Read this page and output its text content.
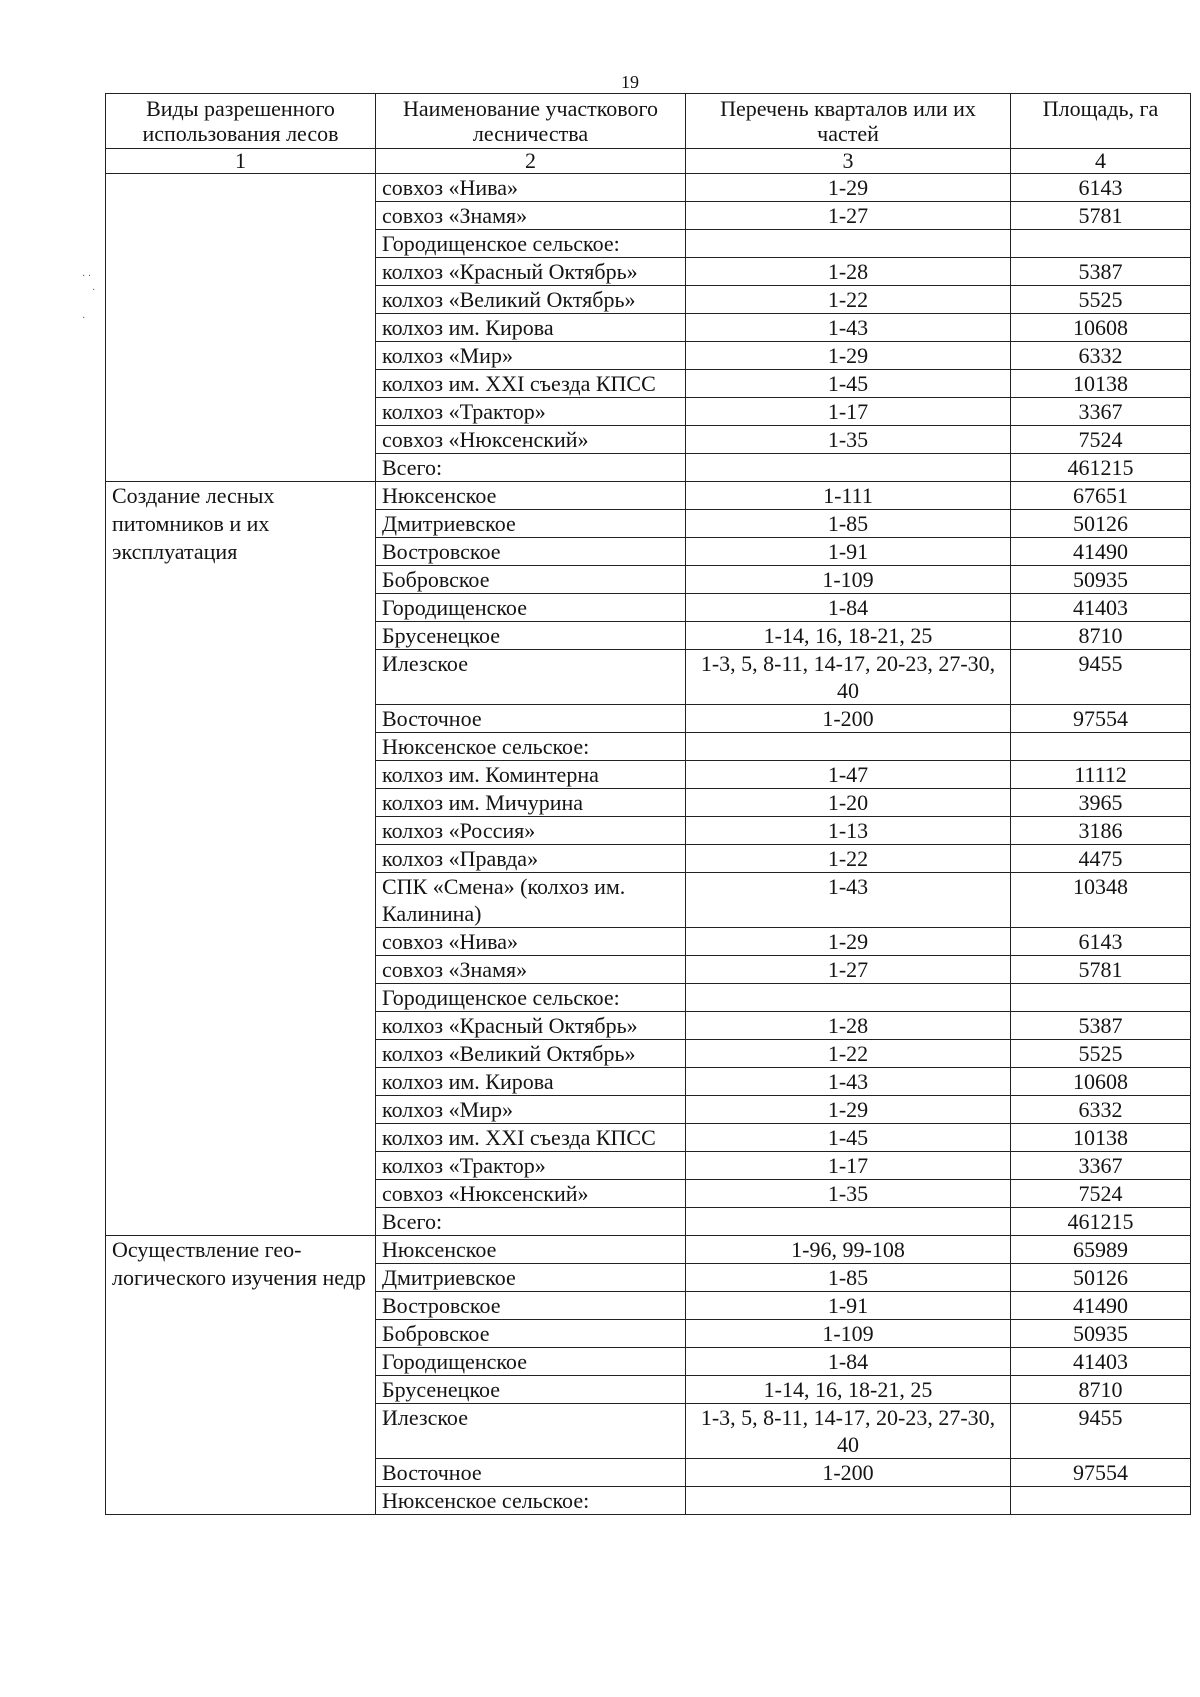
19
· ·
·

·
Виды разрешенного использования лесов	Наименование участкового лесничества	Перечень кварталов или их частей	Площадь, га
1	2	3	4
	совхоз «Нива»	1-29	6143
	совхоз «Знамя»	1-27	5781
	Городищенское сельское:		
	колхоз «Красный Октябрь»	1-28	5387
	колхоз «Великий Октябрь»	1-22	5525
	колхоз им. Кирова	1-43	10608
	колхоз «Мир»	1-29	6332
	колхоз им. XXI съезда КПСС	1-45	10138
	колхоз «Трактор»	1-17	3367
	совхоз «Нюксенский»	1-35	7524
	Всего:		461215
Создание лесных питомников и их эксплуатация	Нюксенское	1-111	67651
	Дмитриевское	1-85	50126
	Востровское	1-91	41490
	Бобровское	1-109	50935
	Городищенское	1-84	41403
	Брусенецкое	1-14, 16, 18-21, 25	8710
	Илезское	1-3, 5, 8-11, 14-17, 20-23, 27-30, 40	9455
	Восточное	1-200	97554
	Нюксенское сельское:		
	колхоз им. Коминтерна	1-47	11112
	колхоз им. Мичурина	1-20	3965
	колхоз «Россия»	1-13	3186
	колхоз «Правда»	1-22	4475
	СПК «Смена» (колхоз им. Калинина)	1-43	10348
	совхоз «Нива»	1-29	6143
	совхоз «Знамя»	1-27	5781
	Городищенское сельское:		
	колхоз «Красный Октябрь»	1-28	5387
	колхоз «Великий Октябрь»	1-22	5525
	колхоз им. Кирова	1-43	10608
	колхоз «Мир»	1-29	6332
	колхоз им. XXI съезда КПСС	1-45	10138
	колхоз «Трактор»	1-17	3367
	совхоз «Нюксенский»	1-35	7524
	Всего:		461215
Осуществление гео-логического изучения недр	Нюксенское	1-96, 99-108	65989
	Дмитриевское	1-85	50126
	Востровское	1-91	41490
	Бобровское	1-109	50935
	Городищенское	1-84	41403
	Брусенецкое	1-14, 16, 18-21, 25	8710
	Илезское	1-3, 5, 8-11, 14-17, 20-23, 27-30, 40	9455
	Восточное	1-200	97554
	Нюксенское сельское:		
